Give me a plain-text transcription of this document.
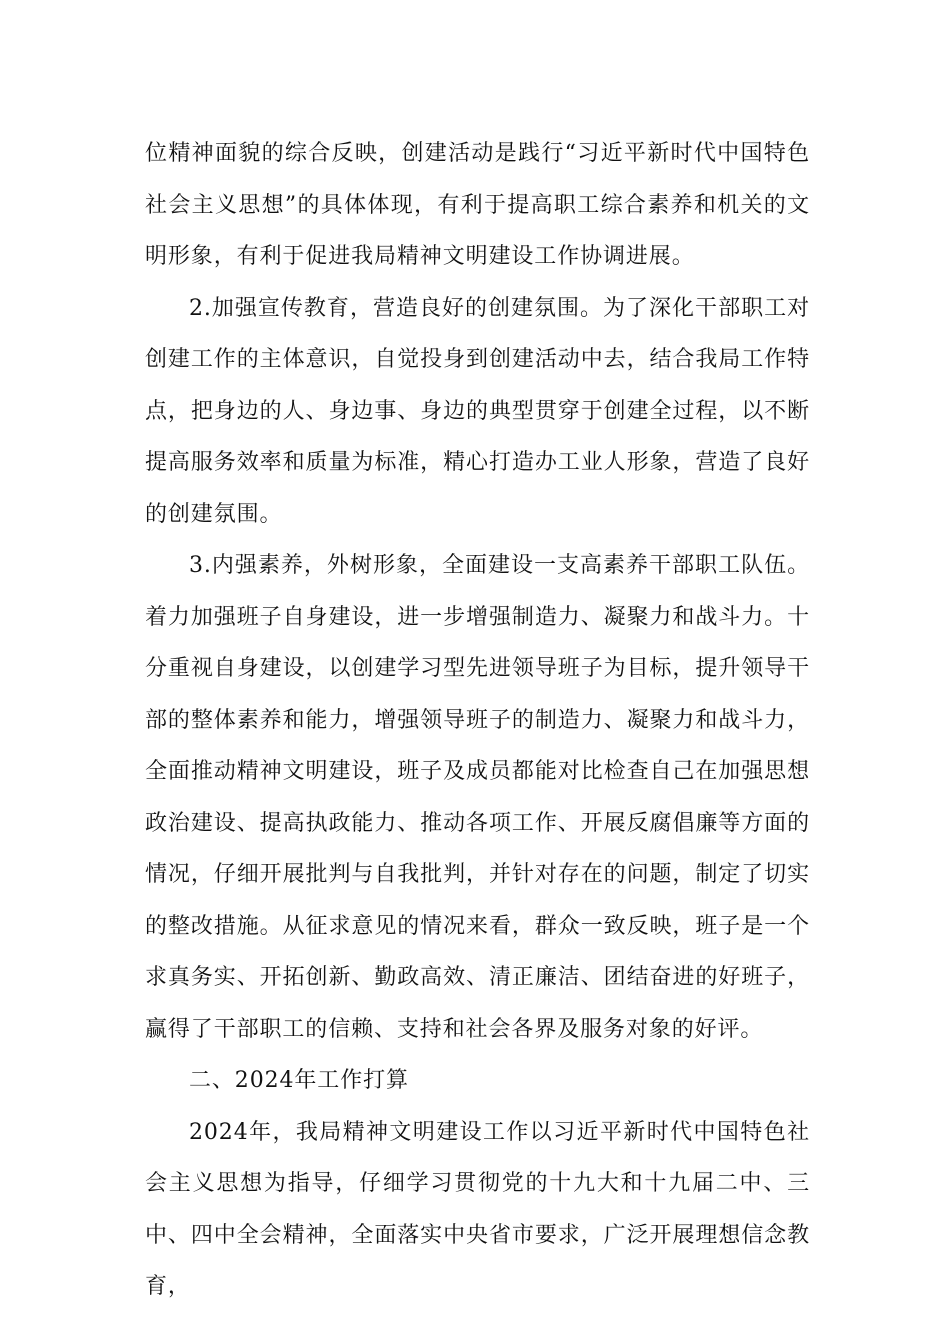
位精神面貌的综合反映，创建活动是践行“习近平新时代中国特色社会主义思想”的具体体现，有利于提高职工综合素养和机关的文明形象，有利于促进我局精神文明建设工作协调进展。

2.加强宣传教育，营造良好的创建氛围。为了深化干部职工对创建工作的主体意识，自觉投身到创建活动中去，结合我局工作特点，把身边的人、身边事、身边的典型贯穿于创建全过程，以不断提高服务效率和质量为标准，精心打造办工业人形象，营造了良好的创建氛围。

3.内强素养，外树形象，全面建设一支高素养干部职工队伍。着力加强班子自身建设，进一步增强制造力、凝聚力和战斗力。十分重视自身建设，以创建学习型先进领导班子为目标，提升领导干部的整体素养和能力，增强领导班子的制造力、凝聚力和战斗力，全面推动精神文明建设，班子及成员都能对比检查自己在加强思想政治建设、提高执政能力、推动各项工作、开展反腐倡廉等方面的情况，仔细开展批判与自我批判，并针对存在的问题，制定了切实的整改措施。从征求意见的情况来看，群众一致反映，班子是一个求真务实、开拓创新、勤政高效、清正廉洁、团结奋进的好班子，赢得了干部职工的信赖、支持和社会各界及服务对象的好评。

二、2024年工作打算

2024年，我局精神文明建设工作以习近平新时代中国特色社会主义思想为指导，仔细学习贯彻党的十九大和十九届二中、三中、四中全会精神，全面落实中央省市要求，广泛开展理想信念教育，
